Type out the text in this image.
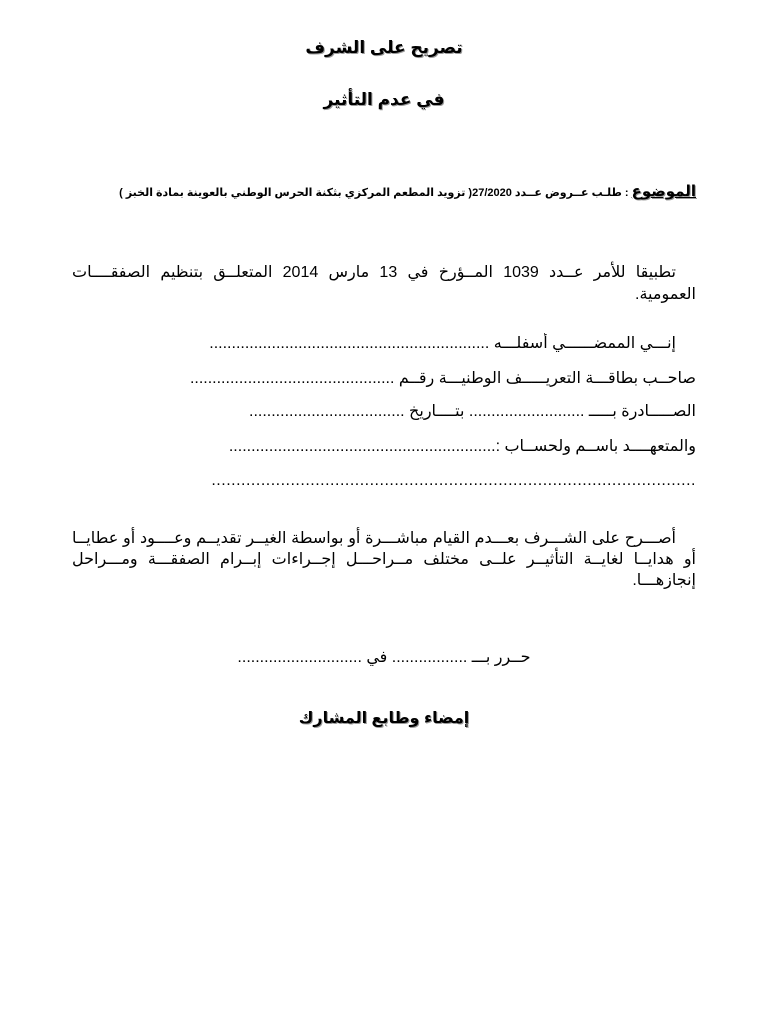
تصريح على الشرف
في عدم التأثير
الموضوع : طلـب عــروض عــدد 27/2020( تزويد المطعم المركزي بثكنة الحرس الوطني بالعوينة بمادة الخبز )
تطبيقا للأمر عــدد 1039 المــؤرخ في 13 مارس 2014 المتعلــق بتنظيم الصفقــــات العمومية.
إنـــي الممضــــــي أسفلـــه ...............................................................
صاحــب بطاقـــة التعريـــــف الوطنيـــة رقــم ..............................................
الصـــــادرة بـــــ .......................... بتــــاريخ ...................................
والمتعهــــد باســم ولحســاب :............................................................
..................................................................................................
أصـــرح على الشـــرف بعـــدم القيام مباشـــرة أو بواسطة الغيــر تقديــم وعــــود أو عطايــا أو هدايــا لغايــة التأثيــر علــى مختلف مــراحـــل إجــراءات إبــرام الصفقـــة ومـــراحل إنجازهـــا.
حــرر بـــ ................. في ............................
إمضاء وطابع المشارك
